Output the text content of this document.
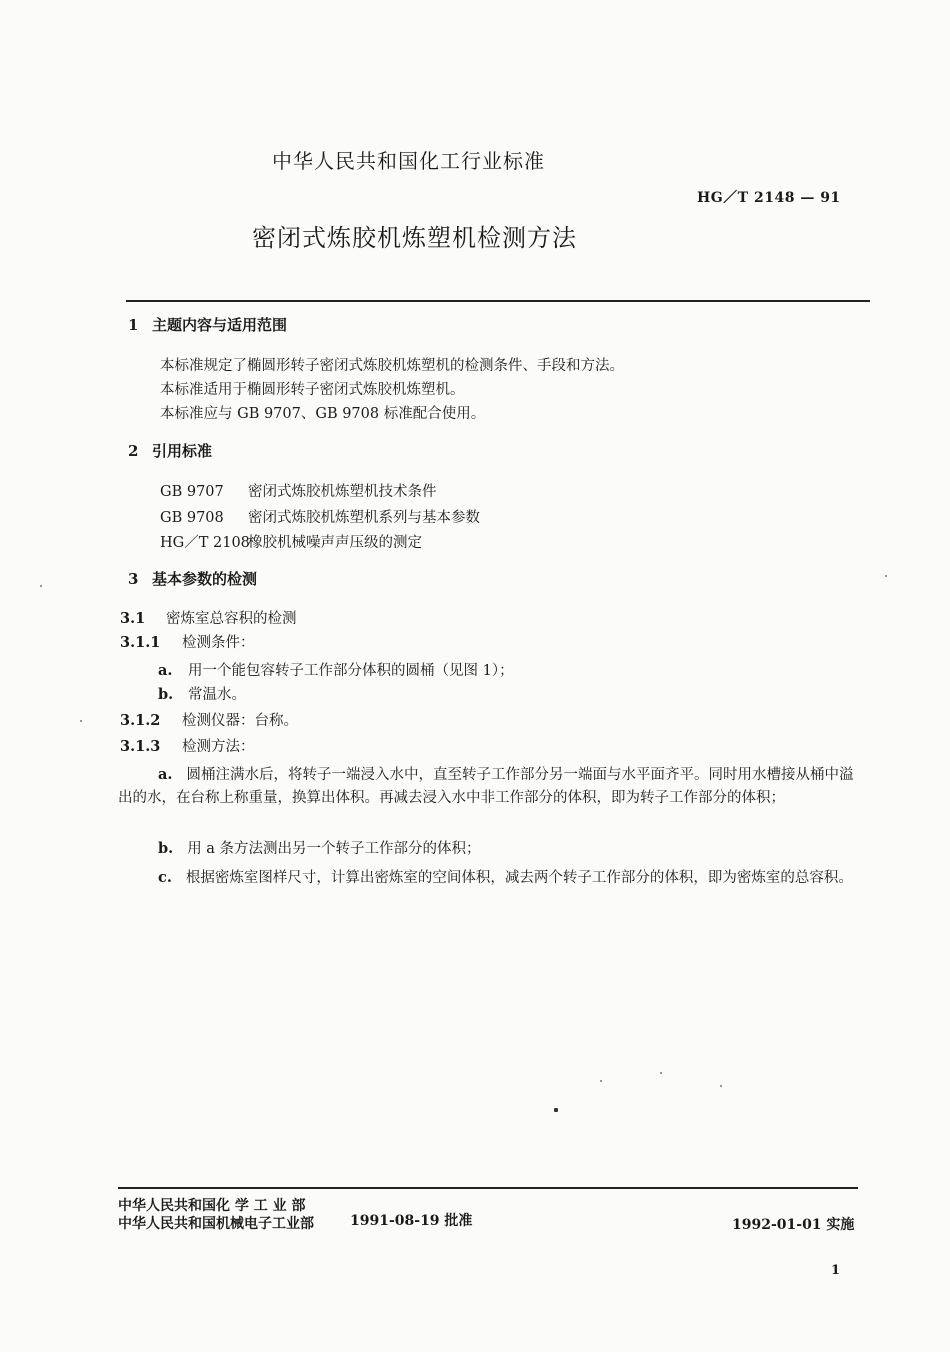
中华人民共和国化工行业标准
HG／T 2148 — 91
密闭式炼胶机炼塑机检测方法
1 主题内容与适用范围
本标准规定了椭圆形转子密闭式炼胶机炼塑机的检测条件、手段和方法。
本标准适用于椭圆形转子密闭式炼胶机炼塑机。
本标准应与 GB 9707、GB 9708 标准配合使用。
2 引用标准
GB 9707 密闭式炼胶机炼塑机技术条件
GB 9708 密闭式炼胶机炼塑机系列与基本参数
HG／T 2108橡胶机械噪声声压级的测定
3 基本参数的检测
3.1 密炼室总容积的检测
3.1.1 检测条件：
a. 用一个能包容转子工作部分体积的圆桶（见图 1）；
b. 常温水。
3.1.2 检测仪器：台称。
3.1.3 检测方法：
a. 圆桶注满水后，将转子一端浸入水中，直至转子工作部分另一端面与水平面齐平。同时用水槽接从桶中溢出的水，在台称上称重量，换算出体积。再减去浸入水中非工作部分的体积，即为转子工作部分的体积；
b. 用 a 条方法测出另一个转子工作部分的体积；
c. 根据密炼室图样尺寸，计算出密炼室的空间体积，减去两个转子工作部分的体积，即为密炼室的总容积。
中华人民共和国化 学 工 业 部
中华人民共和国机械电子工业部	1991-08-19 批准	1992-01-01 实施
1
